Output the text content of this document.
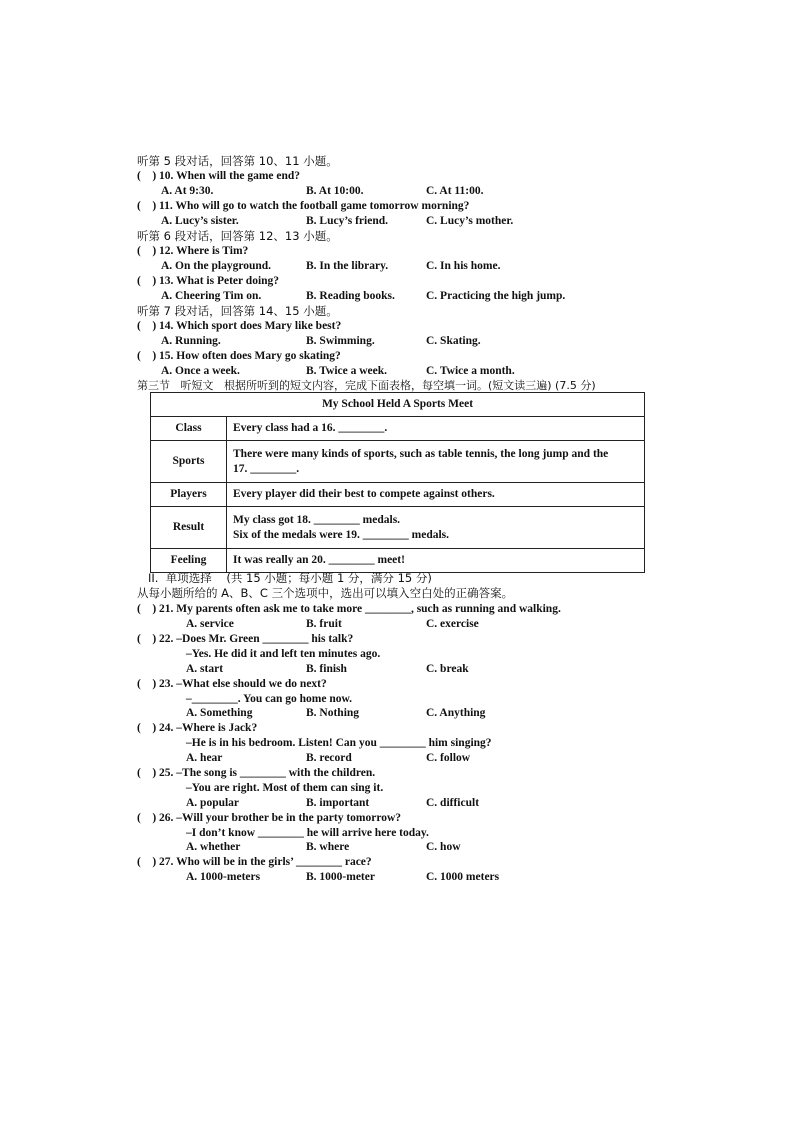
听第 5 段对话，回答第 10、11 小题。
(    ) 10. When will the game end?
A. At 9:30.	B. At 10:00.	C. At 11:00.
(    ) 11. Who will go to watch the football game tomorrow morning?
A. Lucy’s sister.	B. Lucy’s friend.	C. Lucy’s mother.
听第 6 段对话，回答第 12、13 小题。
(    ) 12. Where is Tim?
A. On the playground.	B. In the library.	C. In his home.
(    ) 13. What is Peter doing?
A. Cheering Tim on.	B. Reading books.	C. Practicing the high jump.
听第 7 段对话，回答第 14、15 小题。
(    ) 14. Which sport does Mary like best?
A. Running.	B. Swimming.	C. Skating.
(    ) 15. How often does Mary go skating?
A. Once a week.	B. Twice a week.	C. Twice a month.
第三节   听短文   根据所听到的短文内容，完成下面表格，每空填一词。(短文读三遍) (7.5 分)
My School Held A Sports Meet	
Class	Every class had a 16. ________.
Sports	There were many kinds of sports, such as table tennis, the long jump and the
17. ________.

Players	Every player did their best to compete against others.
Result	My class got 18. ________ medals.
Six of the medals were 19. ________ medals.

Feeling	It was really an 20. ________ meet!
II.  单项选择    (共 15 小题；每小题 1 分，满分 15 分)
从每小题所给的 A、B、C 三个选项中，选出可以填入空白处的正确答案。
(    ) 21. My parents often ask me to take more ________, such as running and walking.
A. service	B. fruit	C. exercise
(    ) 22. –Does Mr. Green ________ his talk?
–Yes. He did it and left ten minutes ago.
A. start	B. finish	C. break
(    ) 23. –What else should we do next?
–________. You can go home now.
A. Something	B. Nothing	C. Anything
(    ) 24. –Where is Jack?
–He is in his bedroom. Listen! Can you ________ him singing?
A. hear	B. record	C. follow
(    ) 25. –The song is ________ with the children.
–You are right. Most of them can sing it.
A. popular	B. important	C. difficult
(    ) 26. –Will your brother be in the party tomorrow?
–I don’t know ________ he will arrive here today.
A. whether	B. where	C. how
(    ) 27. Who will be in the girls’ ________ race?
A. 1000-meters	B. 1000-meter	C. 1000 meters
